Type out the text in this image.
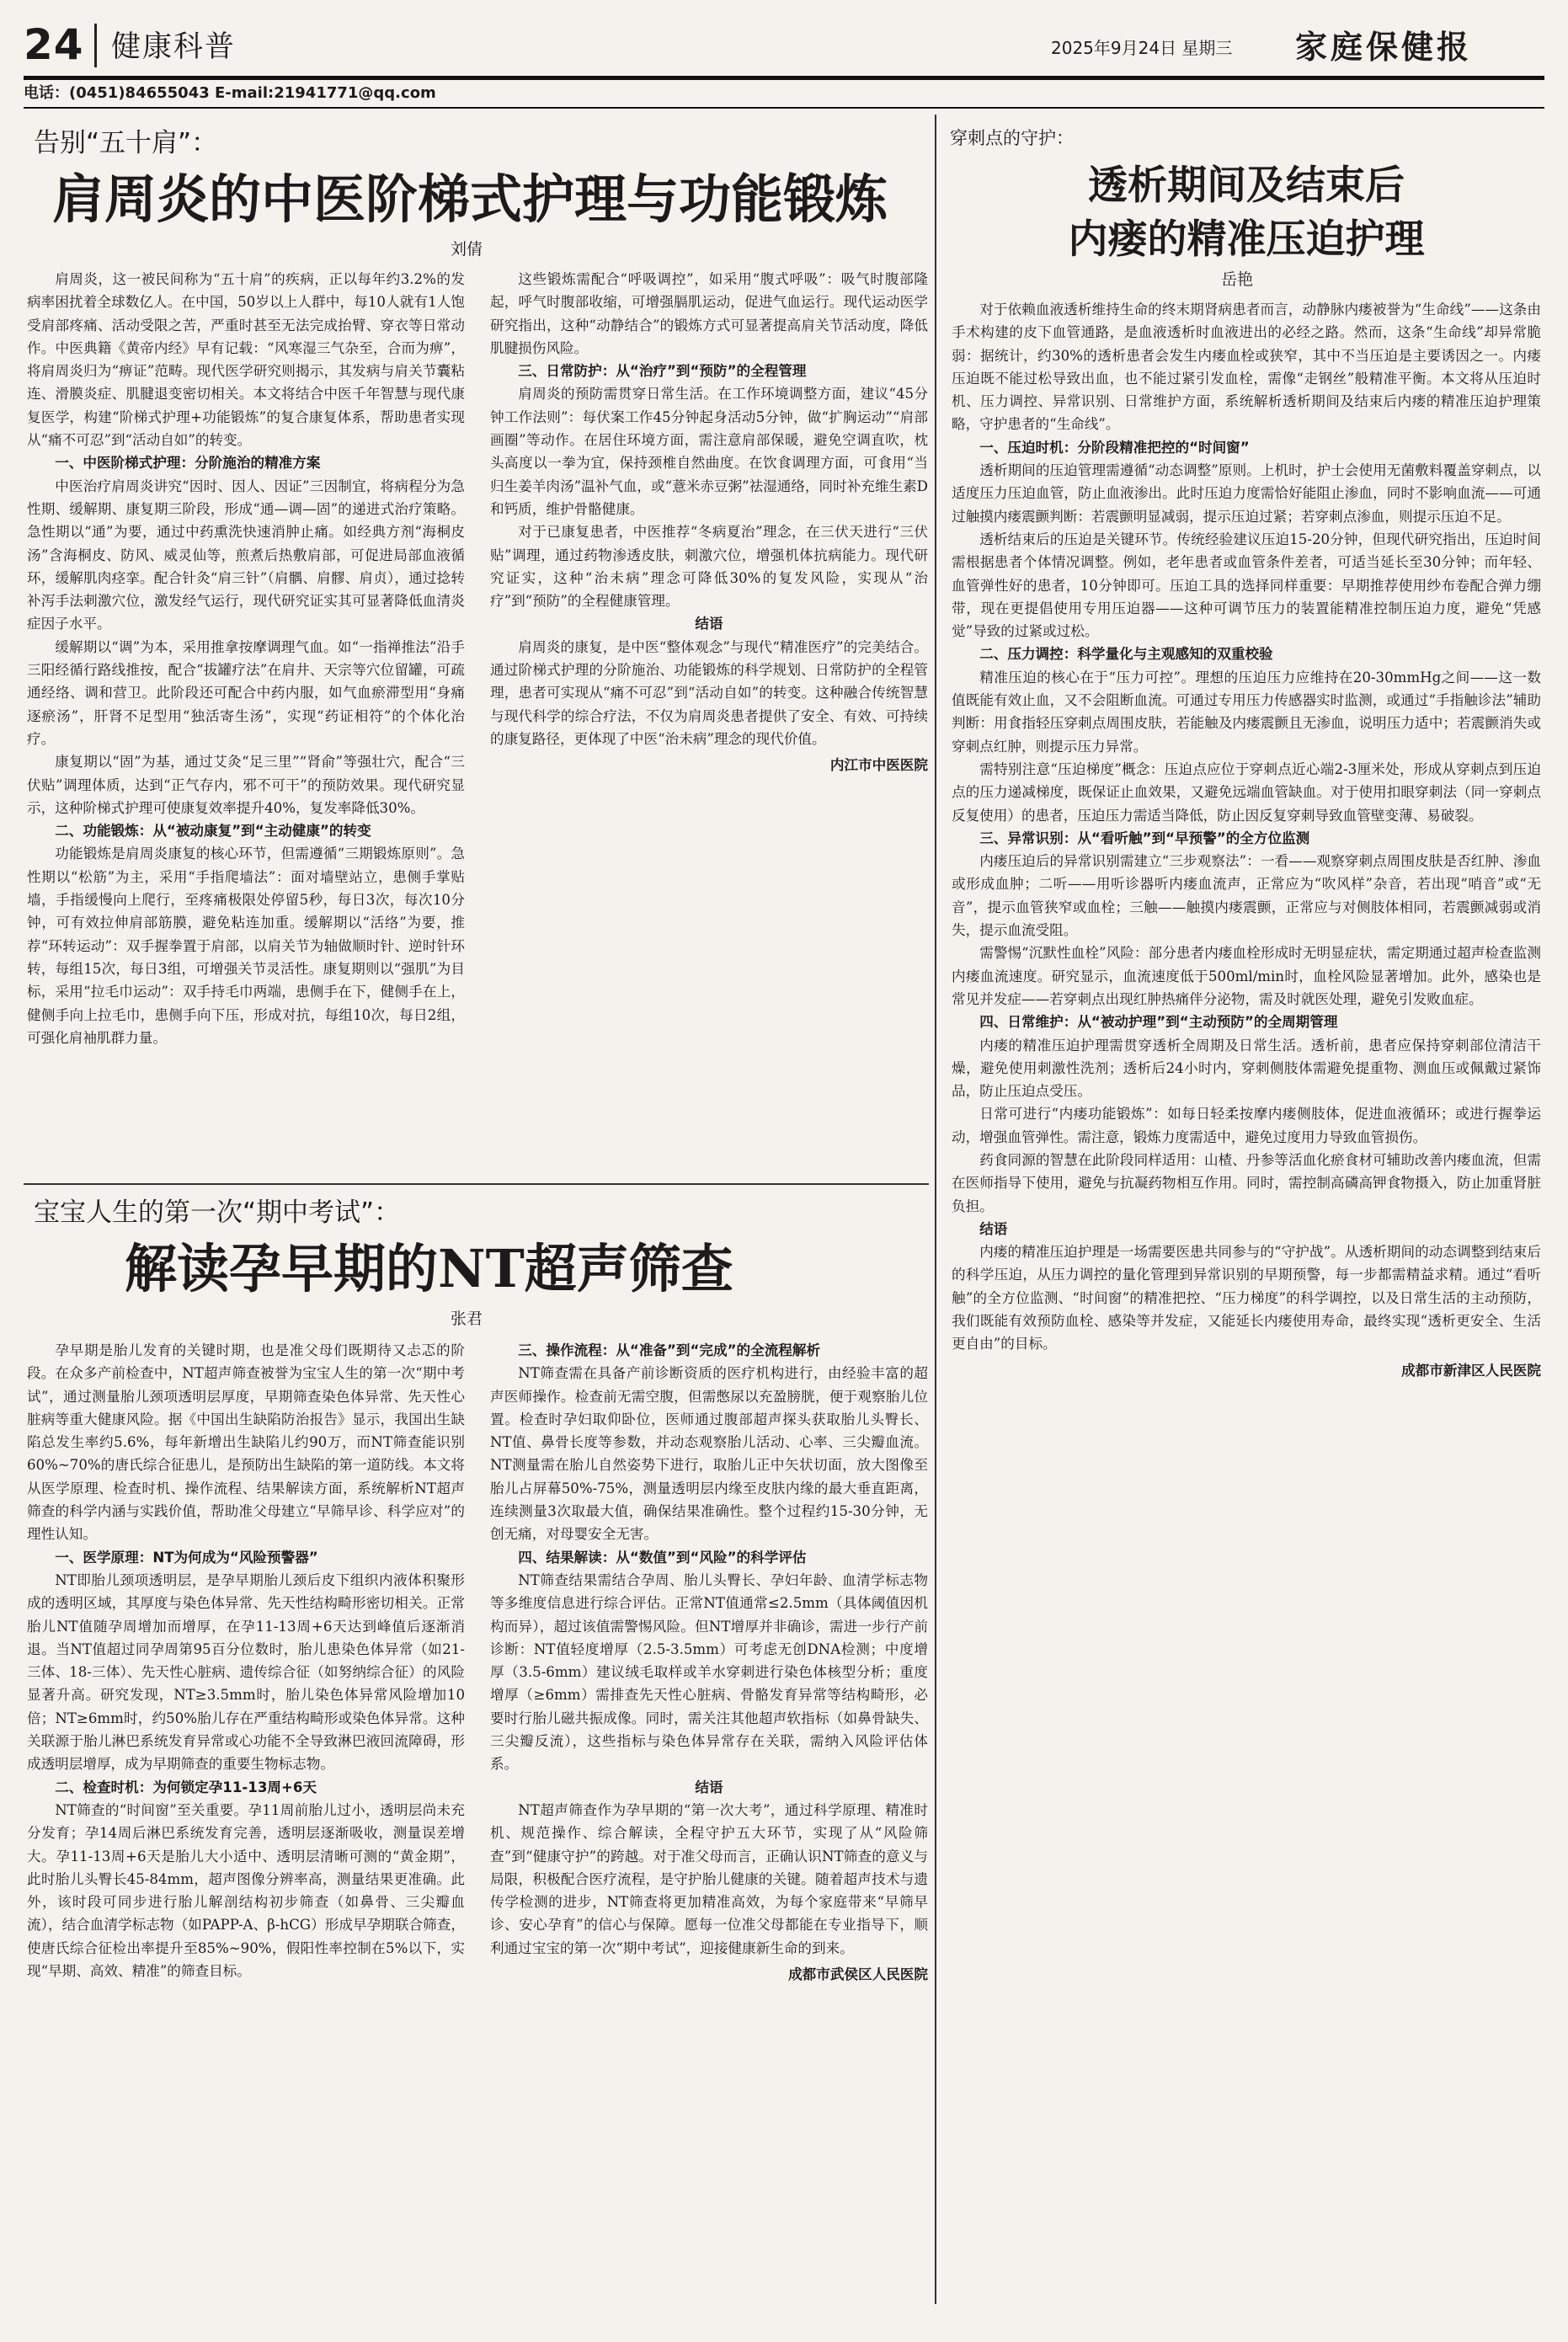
24 健康科普	2025年9月24日 星期三 家庭保健报
电话：(0451)84655043 E-mail:21941771@qq.com
告别“五十肩”：
肩周炎的中医阶梯式护理与功能锻炼
刘倩

肩周炎，这一被民间称为“五十肩”的疾病，正以每年约3.2%的发病率困扰着全球数亿人。在中国，50岁以上人群中，每10人就有1人饱受肩部疼痛、活动受限之苦，严重时甚至无法完成抬臂、穿衣等日常动作。中医典籍《黄帝内经》早有记载：“风寒湿三气杂至，合而为痹”，将肩周炎归为“痹证”范畴。现代医学研究则揭示，其发病与肩关节囊粘连、滑膜炎症、肌腱退变密切相关。本文将结合中医千年智慧与现代康复医学，构建“阶梯式护理+功能锻炼”的复合康复体系，帮助患者实现从“痛不可忍”到“活动自如”的转变。

一、中医阶梯式护理：分阶施治的精准方案

中医治疗肩周炎讲究“因时、因人、因证”三因制宜，将病程分为急性期、缓解期、康复期三阶段，形成“通—调—固”的递进式治疗策略。急性期以“通”为要，通过中药熏洗快速消肿止痛。如经典方剂“海桐皮汤”含海桐皮、防风、威灵仙等，煎煮后热敷肩部，可促进局部血液循环，缓解肌肉痉挛。配合针灸“肩三针”（肩髃、肩髎、肩贞），通过捻转补泻手法刺激穴位，激发经气运行，现代研究证实其可显著降低血清炎症因子水平。

缓解期以“调”为本，采用推拿按摩调理气血。如“一指禅推法”沿手三阳经循行路线推按，配合“拔罐疗法”在肩井、天宗等穴位留罐，可疏通经络、调和营卫。此阶段还可配合中药内服，如气血瘀滞型用“身痛逐瘀汤”，肝肾不足型用“独活寄生汤”，实现“药证相符”的个体化治疗。

康复期以“固”为基，通过艾灸“足三里”“肾俞”等强壮穴，配合“三伏贴”调理体质，达到“正气存内，邪不可干”的预防效果。现代研究显示，这种阶梯式护理可使康复效率提升40%，复发率降低30%。

二、功能锻炼：从“被动康复”到“主动健康”的转变

功能锻炼是肩周炎康复的核心环节，但需遵循“三期锻炼原则”。急性期以“松筋”为主，采用“手指爬墙法”：面对墙壁站立，患侧手掌贴墙，手指缓慢向上爬行，至疼痛极限处停留5秒，每日3次，每次10分钟，可有效拉伸肩部筋膜，避免粘连加重。缓解期以“活络”为要，推荐“环转运动”：双手握拳置于肩部，以肩关节为轴做顺时针、逆时针环转，每组15次，每日3组，可增强关节灵活性。康复期则以“强肌”为目标，采用“拉毛巾运动”：双手持毛巾两端，患侧手在下，健侧手在上，健侧手向上拉毛巾，患侧手向下压，形成对抗，每组10次，每日2组，可强化肩袖肌群力量。

这些锻炼需配合“呼吸调控”，如采用“腹式呼吸”：吸气时腹部隆起，呼气时腹部收缩，可增强膈肌运动，促进气血运行。现代运动医学研究指出，这种“动静结合”的锻炼方式可显著提高肩关节活动度，降低肌腱损伤风险。

三、日常防护：从“治疗”到“预防”的全程管理

肩周炎的预防需贯穿日常生活。在工作环境调整方面，建议“45分钟工作法则”：每伏案工作45分钟起身活动5分钟，做“扩胸运动”“肩部画圈”等动作。在居住环境方面，需注意肩部保暖，避免空调直吹，枕头高度以一拳为宜，保持颈椎自然曲度。在饮食调理方面，可食用“当归生姜羊肉汤”温补气血，或“薏米赤豆粥”祛湿通络，同时补充维生素D和钙质，维护骨骼健康。

对于已康复患者，中医推荐“冬病夏治”理念，在三伏天进行“三伏贴”调理，通过药物渗透皮肤，刺激穴位，增强机体抗病能力。现代研究证实，这种“治未病”理念可降低30%的复发风险，实现从“治疗”到“预防”的全程健康管理。

结语

肩周炎的康复，是中医“整体观念”与现代“精准医疗”的完美结合。通过阶梯式护理的分阶施治、功能锻炼的科学规划、日常防护的全程管理，患者可实现从“痛不可忍”到“活动自如”的转变。这种融合传统智慧与现代科学的综合疗法，不仅为肩周炎患者提供了安全、有效、可持续的康复路径，更体现了中医“治未病”理念的现代价值。

内江市中医医院
宝宝人生的第一次“期中考试”：
解读孕早期的NT超声筛查
张君

孕早期是胎儿发育的关键时期，也是准父母们既期待又忐忑的阶段。在众多产前检查中，NT超声筛查被誉为宝宝人生的第一次“期中考试”，通过测量胎儿颈项透明层厚度，早期筛查染色体异常、先天性心脏病等重大健康风险。据《中国出生缺陷防治报告》显示，我国出生缺陷总发生率约5.6%，每年新增出生缺陷儿约90万，而NT筛查能识别60%~70%的唐氏综合征患儿，是预防出生缺陷的第一道防线。本文将从医学原理、检查时机、操作流程、结果解读方面，系统解析NT超声筛查的科学内涵与实践价值，帮助准父母建立“早筛早诊、科学应对”的理性认知。

一、医学原理：NT为何成为“风险预警器”

NT即胎儿颈项透明层，是孕早期胎儿颈后皮下组织内液体积聚形成的透明区域，其厚度与染色体异常、先天性结构畸形密切相关。正常胎儿NT值随孕周增加而增厚，在孕11-13周+6天达到峰值后逐渐消退。当NT值超过同孕周第95百分位数时，胎儿患染色体异常（如21-三体、18-三体）、先天性心脏病、遗传综合征（如努纳综合征）的风险显著升高。研究发现，NT≥3.5mm时，胎儿染色体异常风险增加10倍；NT≥6mm时，约50%胎儿存在严重结构畸形或染色体异常。这种关联源于胎儿淋巴系统发育异常或心功能不全导致淋巴液回流障碍，形成透明层增厚，成为早期筛查的重要生物标志物。

二、检查时机：为何锁定孕11-13周+6天

NT筛查的“时间窗”至关重要。孕11周前胎儿过小，透明层尚未充分发育；孕14周后淋巴系统发育完善，透明层逐渐吸收，测量误差增大。孕11-13周+6天是胎儿大小适中、透明层清晰可测的“黄金期”，此时胎儿头臀长45-84mm，超声图像分辨率高，测量结果更准确。此外，该时段可同步进行胎儿解剖结构初步筛查（如鼻骨、三尖瓣血流），结合血清学标志物（如PAPP-A、β-hCG）形成早孕期联合筛查，使唐氏综合征检出率提升至85%~90%，假阳性率控制在5%以下，实现“早期、高效、精准”的筛查目标。

三、操作流程：从“准备”到“完成”的全流程解析

NT筛查需在具备产前诊断资质的医疗机构进行，由经验丰富的超声医师操作。检查前无需空腹，但需憋尿以充盈膀胱，便于观察胎儿位置。检查时孕妇取仰卧位，医师通过腹部超声探头获取胎儿头臀长、NT值、鼻骨长度等参数，并动态观察胎儿活动、心率、三尖瓣血流。NT测量需在胎儿自然姿势下进行，取胎儿正中矢状切面，放大图像至胎儿占屏幕50%-75%，测量透明层内缘至皮肤内缘的最大垂直距离，连续测量3次取最大值，确保结果准确性。整个过程约15-30分钟，无创无痛，对母婴安全无害。

四、结果解读：从“数值”到“风险”的科学评估

NT筛查结果需结合孕周、胎儿头臀长、孕妇年龄、血清学标志物等多维度信息进行综合评估。正常NT值通常≤2.5mm（具体阈值因机构而异），超过该值需警惕风险。但NT增厚并非确诊，需进一步行产前诊断：NT值轻度增厚（2.5-3.5mm）可考虑无创DNA检测；中度增厚（3.5-6mm）建议绒毛取样或羊水穿刺进行染色体核型分析；重度增厚（≥6mm）需排查先天性心脏病、骨骼发育异常等结构畸形，必要时行胎儿磁共振成像。同时，需关注其他超声软指标（如鼻骨缺失、三尖瓣反流），这些指标与染色体异常存在关联，需纳入风险评估体系。

结语

NT超声筛查作为孕早期的“第一次大考”，通过科学原理、精准时机、规范操作、综合解读，全程守护五大环节，实现了从“风险筛查”到“健康守护”的跨越。对于准父母而言，正确认识NT筛查的意义与局限，积极配合医疗流程，是守护胎儿健康的关键。随着超声技术与遗传学检测的进步，NT筛查将更加精准高效，为每个家庭带来“早筛早诊、安心孕育”的信心与保障。愿每一位准父母都能在专业指导下，顺利通过宝宝的第一次“期中考试”，迎接健康新生命的到来。

成都市武侯区人民医院
穿刺点的守护：
透析期间及结束后
内瘘的精准压迫护理
岳艳

对于依赖血液透析维持生命的终末期肾病患者而言，动静脉内瘘被誉为“生命线”——这条由手术构建的皮下血管通路，是血液透析时血液进出的必经之路。然而，这条“生命线”却异常脆弱：据统计，约30%的透析患者会发生内瘘血栓或狭窄，其中不当压迫是主要诱因之一。内瘘压迫既不能过松导致出血，也不能过紧引发血栓，需像“走钢丝”般精准平衡。本文将从压迫时机、压力调控、异常识别、日常维护方面，系统解析透析期间及结束后内瘘的精准压迫护理策略，守护患者的“生命线”。

一、压迫时机：分阶段精准把控的“时间窗”

透析期间的压迫管理需遵循“动态调整”原则。上机时，护士会使用无菌敷料覆盖穿刺点，以适度压力压迫血管，防止血液渗出。此时压迫力度需恰好能阻止渗血，同时不影响血流——可通过触摸内瘘震颤判断：若震颤明显减弱，提示压迫过紧；若穿刺点渗血，则提示压迫不足。

透析结束后的压迫是关键环节。传统经验建议压迫15-20分钟，但现代研究指出，压迫时间需根据患者个体情况调整。例如，老年患者或血管条件差者，可适当延长至30分钟；而年轻、血管弹性好的患者，10分钟即可。压迫工具的选择同样重要：早期推荐使用纱布卷配合弹力绷带，现在更提倡使用专用压迫器——这种可调节压力的装置能精准控制压迫力度，避免“凭感觉”导致的过紧或过松。

二、压力调控：科学量化与主观感知的双重校验

精准压迫的核心在于“压力可控”。理想的压迫压力应维持在20-30mmHg之间——这一数值既能有效止血，又不会阻断血流。可通过专用压力传感器实时监测，或通过“手指触诊法”辅助判断：用食指轻压穿刺点周围皮肤，若能触及内瘘震颤且无渗血，说明压力适中；若震颤消失或穿刺点红肿，则提示压力异常。

需特别注意“压迫梯度”概念：压迫点应位于穿刺点近心端2-3厘米处，形成从穿刺点到压迫点的压力递减梯度，既保证止血效果，又避免远端血管缺血。对于使用扣眼穿刺法（同一穿刺点反复使用）的患者，压迫压力需适当降低，防止因反复穿刺导致血管壁变薄、易破裂。

三、异常识别：从“看听触”到“早预警”的全方位监测

内瘘压迫后的异常识别需建立“三步观察法”：一看——观察穿刺点周围皮肤是否红肿、渗血或形成血肿；二听——用听诊器听内瘘血流声，正常应为“吹风样”杂音，若出现“哨音”或“无音”，提示血管狭窄或血栓；三触——触摸内瘘震颤，正常应与对侧肢体相同，若震颤减弱或消失，提示血流受阻。

需警惕“沉默性血栓”风险：部分患者内瘘血栓形成时无明显症状，需定期通过超声检查监测内瘘血流速度。研究显示，血流速度低于500ml/min时，血栓风险显著增加。此外，感染也是常见并发症——若穿刺点出现红肿热痛伴分泌物，需及时就医处理，避免引发败血症。

四、日常维护：从“被动护理”到“主动预防”的全周期管理

内瘘的精准压迫护理需贯穿透析全周期及日常生活。透析前，患者应保持穿刺部位清洁干燥，避免使用刺激性洗剂；透析后24小时内，穿刺侧肢体需避免提重物、测血压或佩戴过紧饰品，防止压迫点受压。

日常可进行“内瘘功能锻炼”：如每日轻柔按摩内瘘侧肢体，促进血液循环；或进行握拳运动，增强血管弹性。需注意，锻炼力度需适中，避免过度用力导致血管损伤。

药食同源的智慧在此阶段同样适用：山楂、丹参等活血化瘀食材可辅助改善内瘘血流，但需在医师指导下使用，避免与抗凝药物相互作用。同时，需控制高磷高钾食物摄入，防止加重肾脏负担。

结语

内瘘的精准压迫护理是一场需要医患共同参与的“守护战”。从透析期间的动态调整到结束后的科学压迫，从压力调控的量化管理到异常识别的早期预警，每一步都需精益求精。通过“看听触”的全方位监测、“时间窗”的精准把控、“压力梯度”的科学调控，以及日常生活的主动预防，我们既能有效预防血栓、感染等并发症，又能延长内瘘使用寿命，最终实现“透析更安全、生活更自由”的目标。

成都市新津区人民医院
